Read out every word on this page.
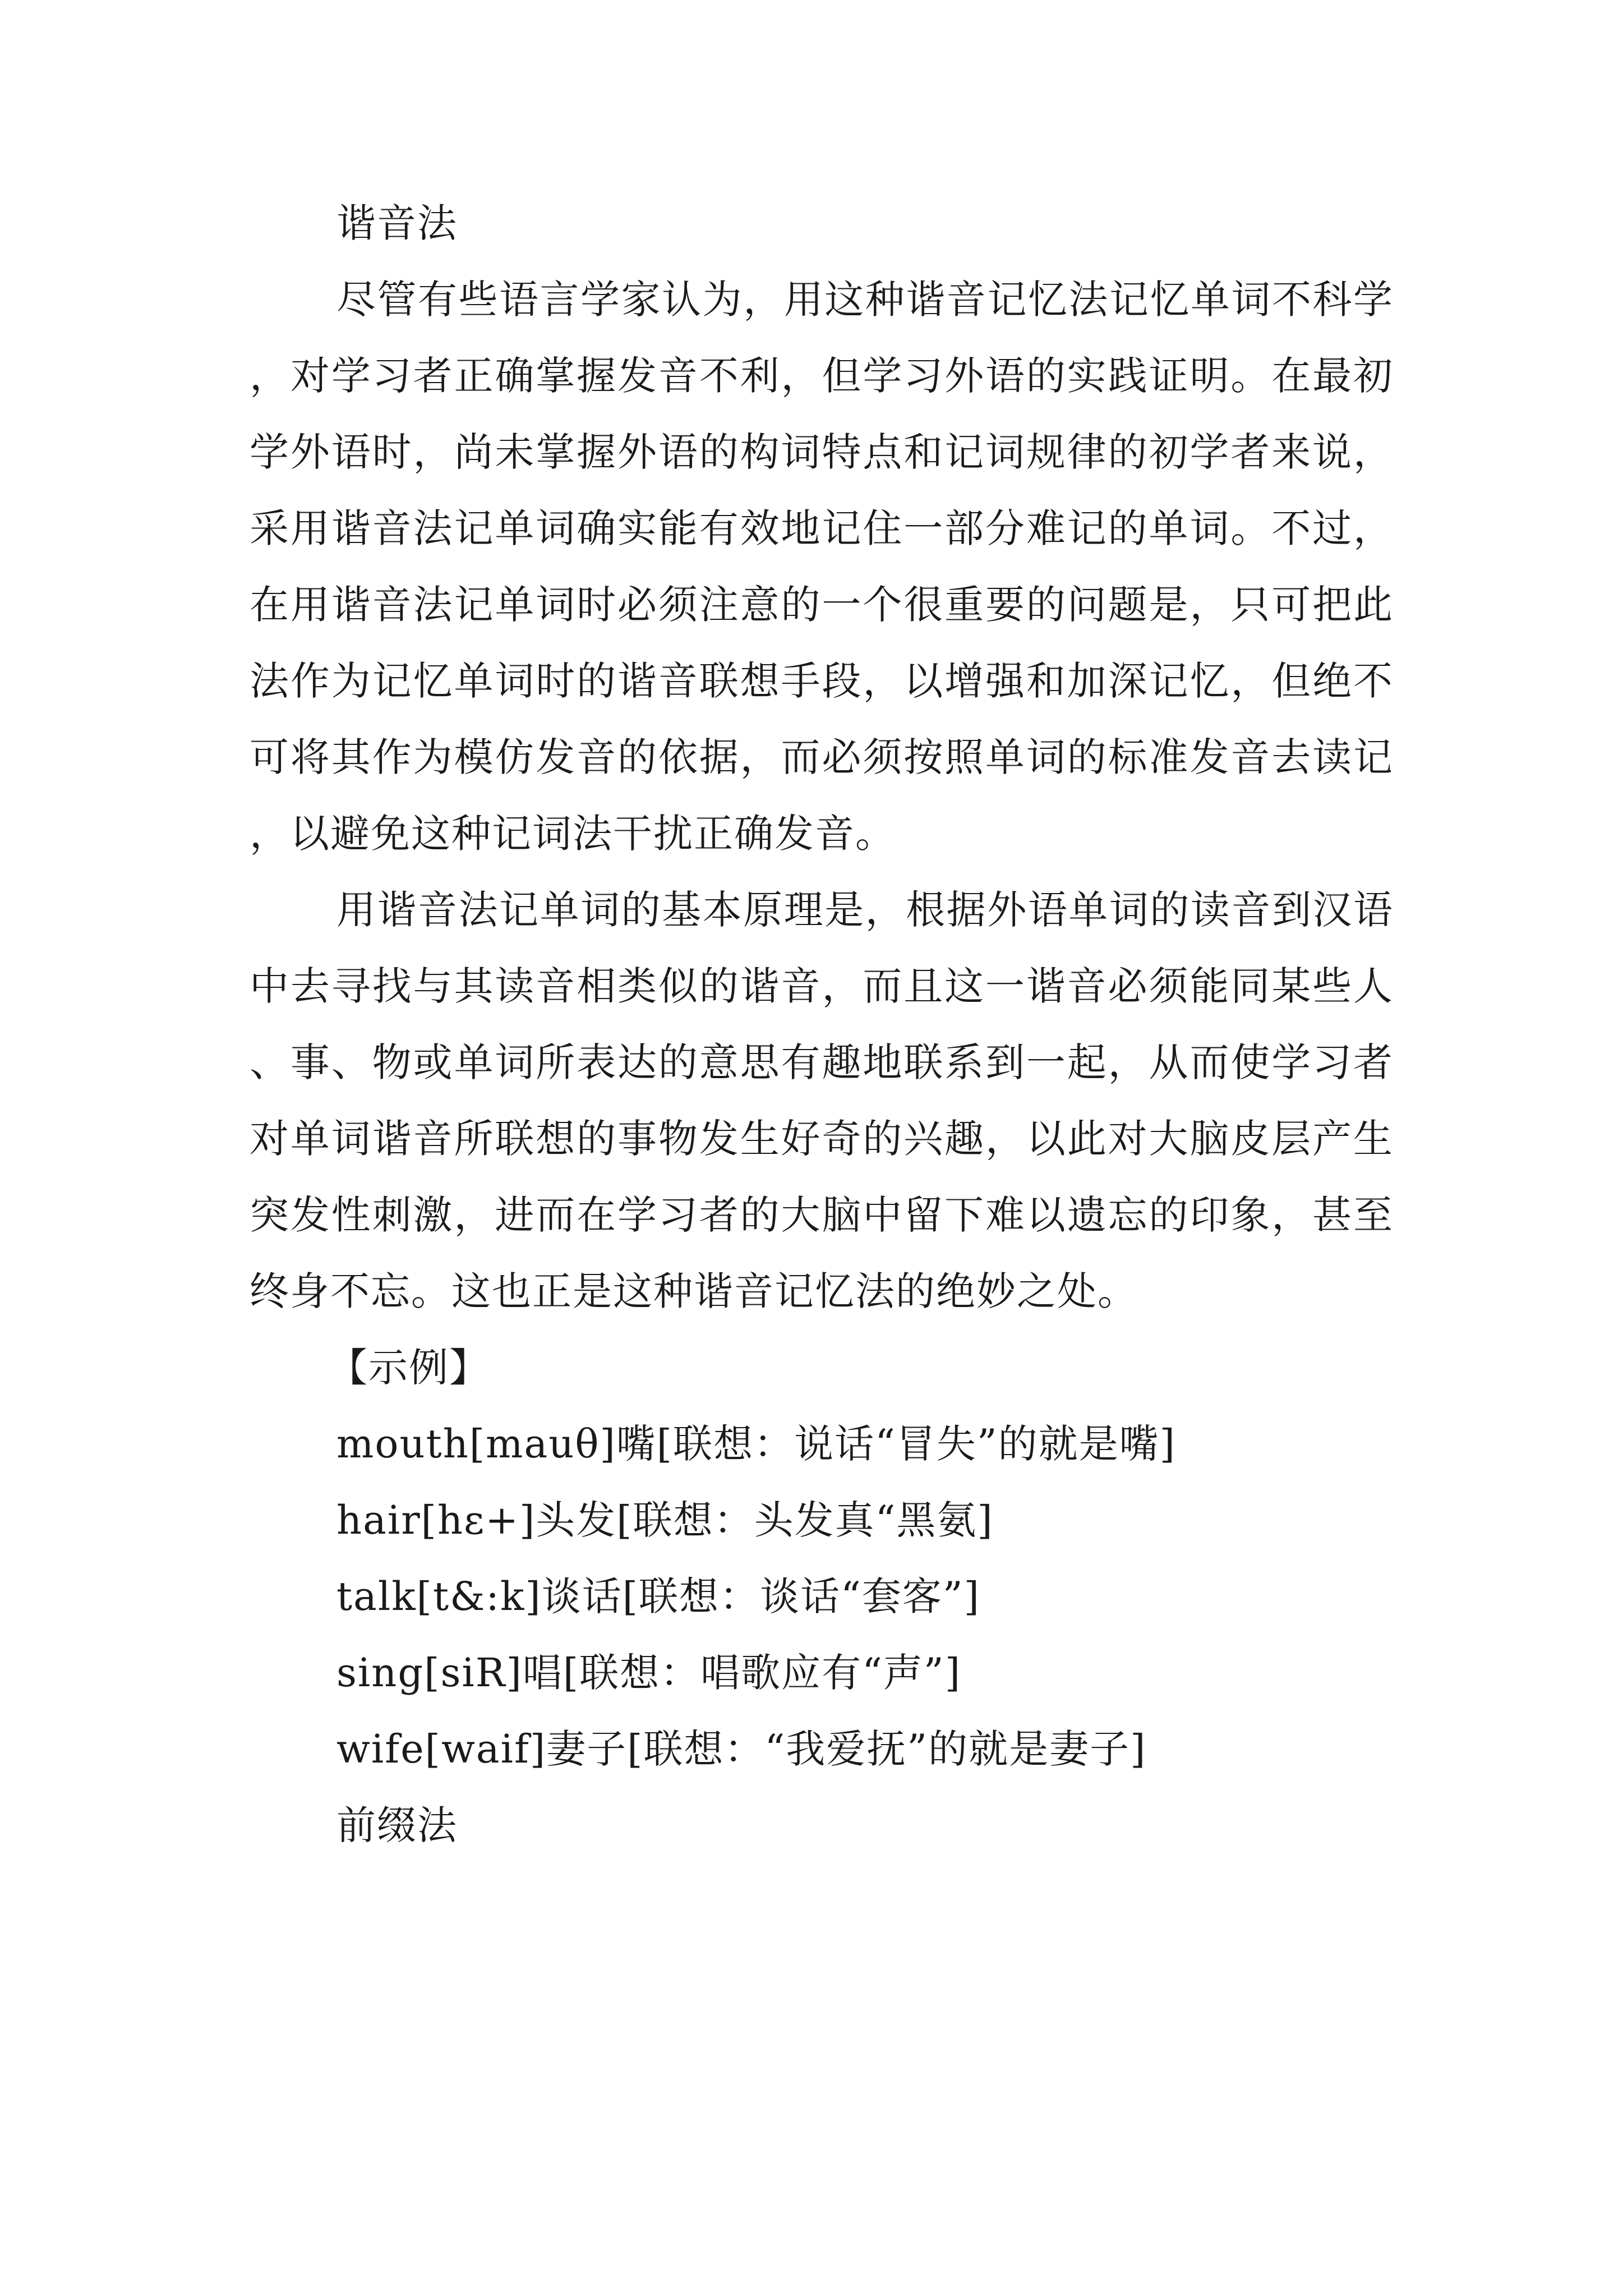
谐音法

尽管有些语言学家认为，用这种谐音记忆法记忆单词不科学，对学习者正确掌握发音不利，但学习外语的实践证明。在最初学外语时，尚未掌握外语的构词特点和记词规律的初学者来说，采用谐音法记单词确实能有效地记住一部分难记的单词。不过，在用谐音法记单词时必须注意的一个很重要的问题是，只可把此法作为记忆单词时的谐音联想手段，以增强和加深记忆，但绝不可将其作为模仿发音的依据，而必须按照单词的标准发音去读记，以避免这种记词法干扰正确发音。

用谐音法记单词的基本原理是，根据外语单词的读音到汉语中去寻找与其读音相类似的谐音，而且这一谐音必须能同某些人、事、物或单词所表达的意思有趣地联系到一起，从而使学习者对单词谐音所联想的事物发生好奇的兴趣，以此对大脑皮层产生突发性刺激，进而在学习者的大脑中留下难以遗忘的印象，甚至终身不忘。这也正是这种谐音记忆法的绝妙之处。

【示例】
mouth[mauθ]嘴[联想：说话“冒失”的就是嘴]
hair[hε+]头发[联想：头发真“黑氨]
talk[t&:k]谈话[联想：谈话“套客”]
sing[siR]唱[联想：唱歌应有“声”]
wife[waif]妻子[联想：“我爱抚”的就是妻子]
前缀法
